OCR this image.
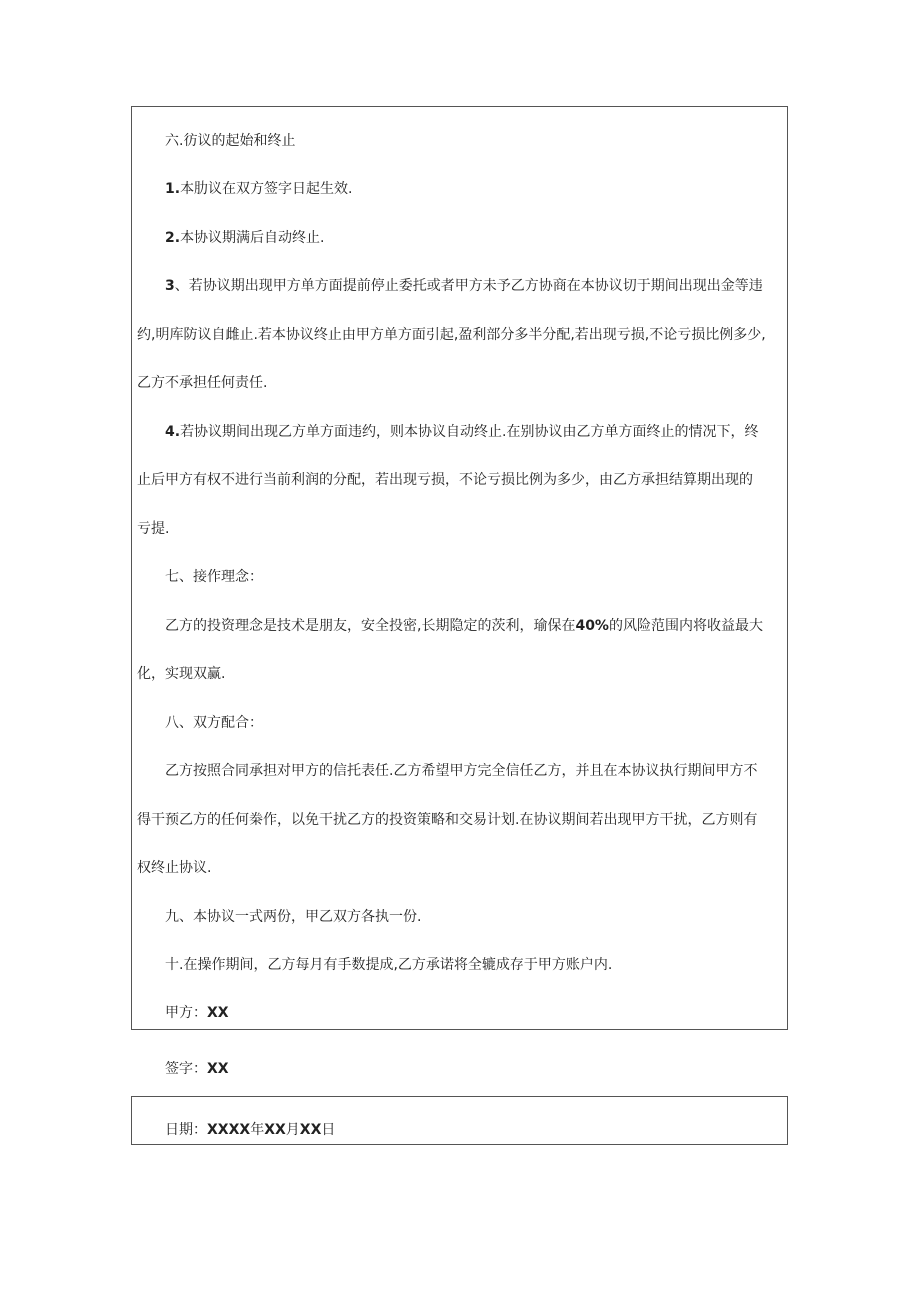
六.彷议的起始和终止

1.本肋议在双方签字日起生效.

2.本协议期满后自动终止.

3、若协议期出现甲方单方面提前停止委托或者甲方未予乙方协商在本协议切于期间出现出金等违

约,明库防议自雌止.若本协议终止由甲方单方面引起,盈利部分多半分配,若出现亏损,不论亏损比例多少,

乙方不承担任何责任.

4.若协议期间出现乙方单方面违约，则本协议自动终止.在别协议由乙方单方面终止的情况下，终

止后甲方有权不进行当前利润的分配，若出现亏损，不论亏损比例为多少，由乙方承担结算期出现的

亏提.

七、接作理念：

乙方的投资理念是技术是朋友，安全投密,长期隐定的茨利，瑜保在40%的风险范围内将收益最大

化，实现双赢.

八、双方配合：

乙方按照合同承担对甲方的信托表任.乙方希望甲方完全信任乙方，并且在本协议执行期间甲方不

得干预乙方的任何桊作，以免干扰乙方的投资策略和交易计划.在协议期间若出现甲方干扰，乙方则有

权终止协议.

九、本协议一式两份，甲乙双方各执一份.

十.在操作期间，乙方每月有手数提成,乙方承诺将全辘成存于甲方账户内.

甲方：XX

签字：XX

日期：XXXX年XX月XX日
